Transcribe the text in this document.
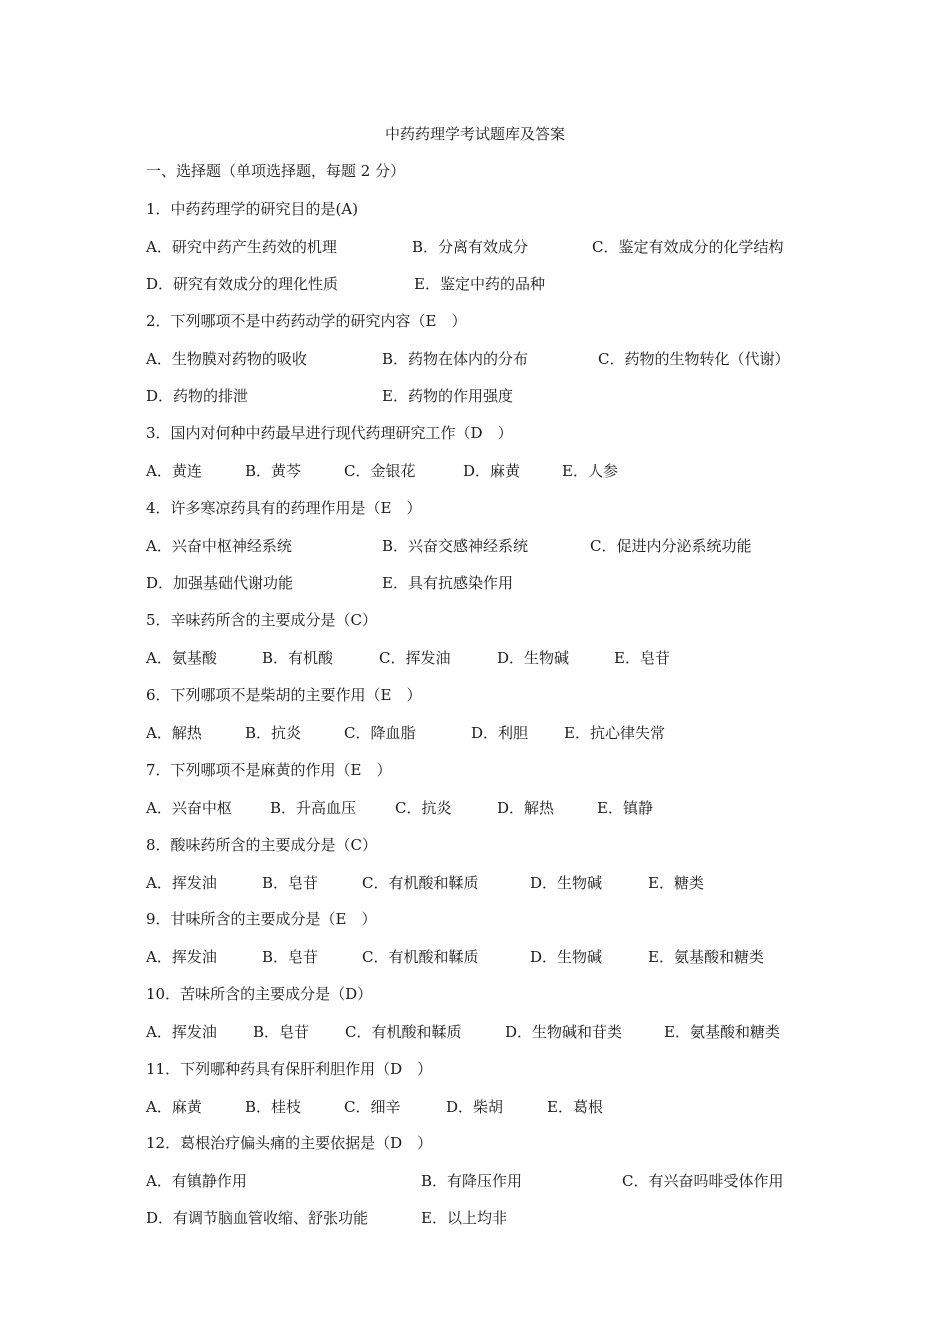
中药药理学考试题库及答案
一、选择题（单项选择题，每题 2 分）
1．中药药理学的研究目的是(A)
A．研究中药产生药效的机理	B．分离有效成分	C．鉴定有效成分的化学结构
D．研究有效成分的理化性质	E．鉴定中药的品种
2．下列哪项不是中药药动学的研究内容（E　）
A．生物膜对药物的吸收	B．药物在体内的分布	C．药物的生物转化（代谢）
D．药物的排泄	E．药物的作用强度
3．国内对何种中药最早进行现代药理研究工作（D　）
A．黄连	B．黄芩	C．金银花	D．麻黄	E．人参
4．许多寒凉药具有的药理作用是（E　）
A．兴奋中枢神经系统	B．兴奋交感神经系统	C．促进内分泌系统功能
D．加强基础代谢功能	E．具有抗感染作用
5．辛味药所含的主要成分是（C）
A．氨基酸	B．有机酸	C．挥发油	D．生物碱	E．皂苷
6．下列哪项不是柴胡的主要作用（E　）
A．解热	B．抗炎	C．降血脂	D．利胆 E．抗心律失常
7．下列哪项不是麻黄的作用（E　）
A．兴奋中枢	B．升高血压	C．抗炎	D．解热	E．镇静
8．酸味药所含的主要成分是（C）
A．挥发油	B．皂苷	C．有机酸和鞣质	D．生物碱	E．糖类
9．甘味所含的主要成分是（E　）
A．挥发油	B．皂苷	C．有机酸和鞣质	D．生物碱	E．氨基酸和糖类
10．苦味所含的主要成分是（D）
A．挥发油 B．皂苷 C．有机酸和鞣质	D．生物碱和苷类	E．氨基酸和糖类
11．下列哪种药具有保肝利胆作用（D　）
A．麻黄	B．桂枝	C．细辛	D．柴胡	E．葛根
12．葛根治疗偏头痛的主要依据是（D　）
A．有镇静作用	B．有降压作用	C．有兴奋吗啡受体作用
D．有调节脑血管收缩、舒张功能	E．以上均非
